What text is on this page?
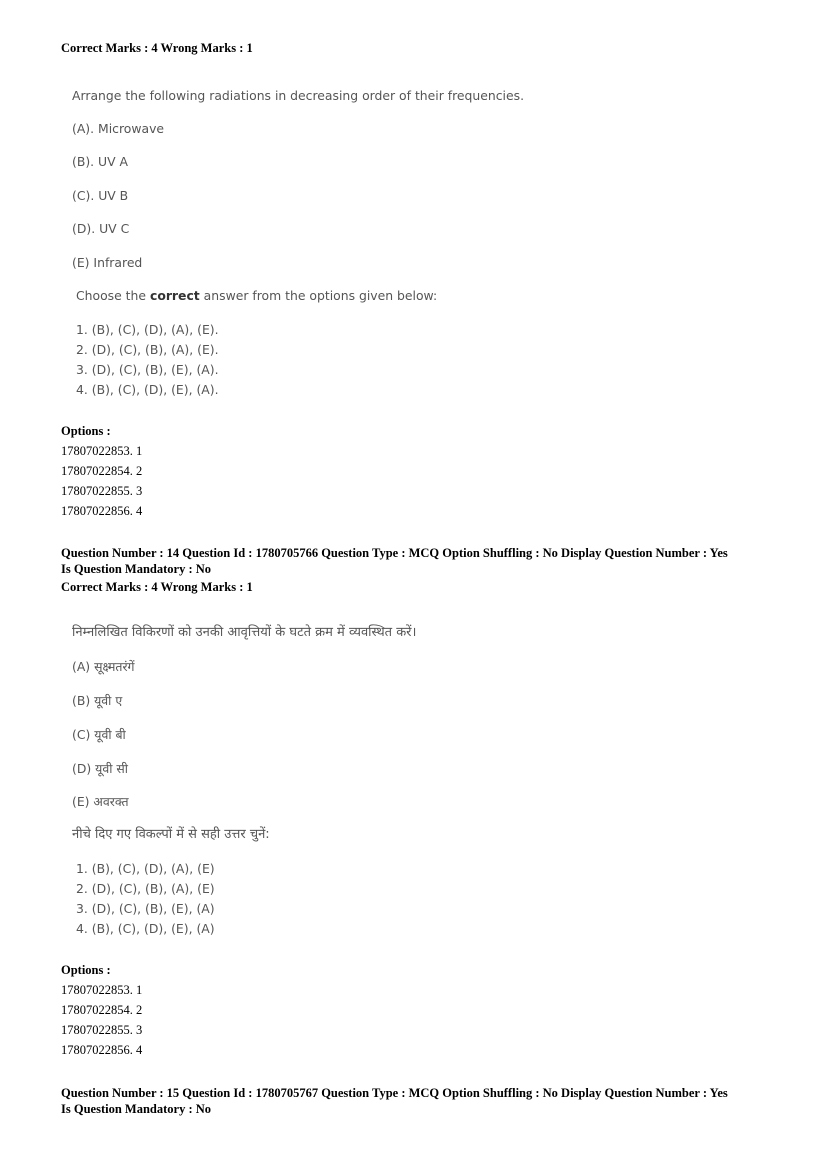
Correct Marks : 4 Wrong Marks : 1

Arrange the following radiations in decreasing order of their frequencies.
(A). Microwave
(B). UV A
(C). UV B
(D). UV C
(E) Infrared
Choose the correct answer from the options given below:
1. (B), (C), (D), (A), (E).
2. (D), (C), (B), (A), (E).
3. (D), (C), (B), (E), (A).
4. (B), (C), (D), (E), (A).
Options :
17807022853. 1
17807022854. 2
17807022855. 3
17807022856. 4

Question Number : 14 Question Id : 1780705766 Question Type : MCQ Option Shuffling : No Display Question Number : Yes

Is Question Mandatory : No

Correct Marks : 4 Wrong Marks : 1

निम्नलिखित विकिरणों को उनकी आवृत्तियों के घटते क्रम में व्यवस्थित करें।
(A) सूक्ष्मतरंगें
(B) यूवी ए
(C) यूवी बी
(D) यूवी सी
(E) अवरक्त
नीचे दिए गए विकल्पों में से सही उत्तर चुनें:
1. (B), (C), (D), (A), (E)
2. (D), (C), (B), (A), (E)
3. (D), (C), (B), (E), (A)
4. (B), (C), (D), (E), (A)
Options :
17807022853. 1
17807022854. 2
17807022855. 3
17807022856. 4

Question Number : 15 Question Id : 1780705767 Question Type : MCQ Option Shuffling : No Display Question Number : Yes

Is Question Mandatory : No
